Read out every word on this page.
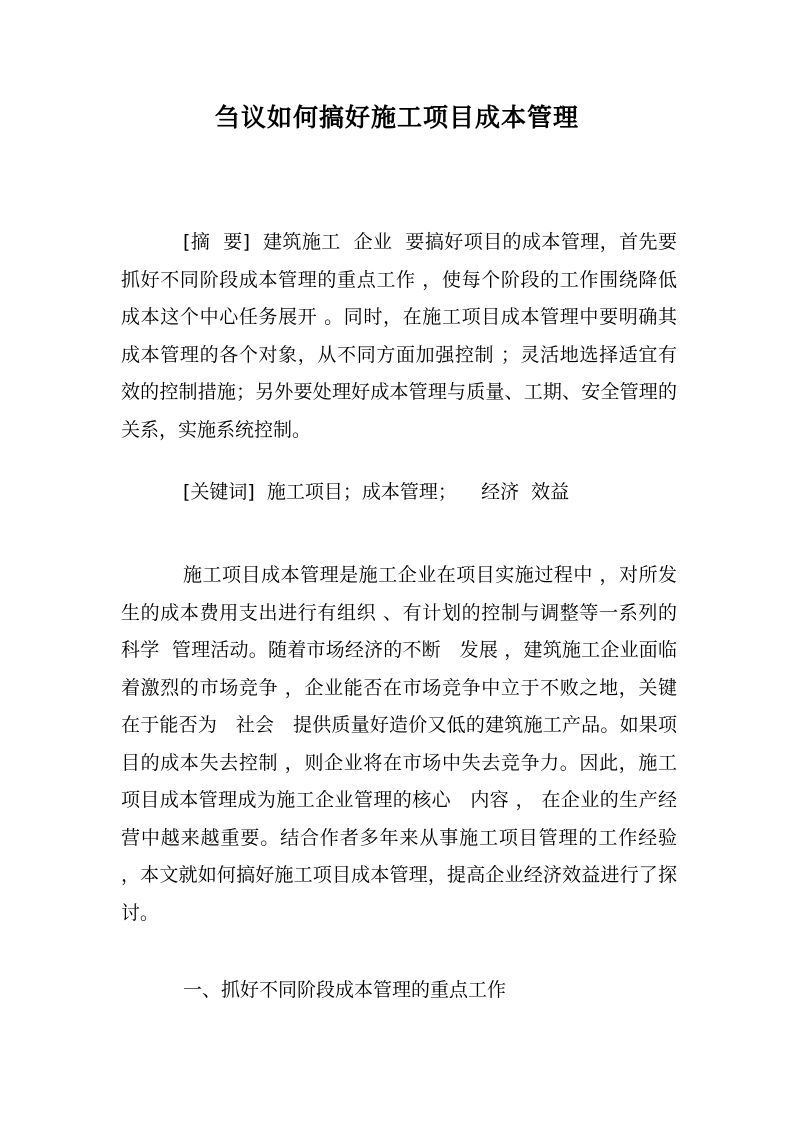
刍议如何搞好施工项目成本管理

[摘  要]  建筑施工  企业  要搞好项目的成本管理，首先要抓好不同阶段成本管理的重点工作 ，使每个阶段的工作围绕降低成本这个中心任务展开 。同时，在施工项目成本管理中要明确其成本管理的各个对象，从不同方面加强控制 ；灵活地选择适宜有效的控制措施；另外要处理好成本管理与质量、工期、安全管理的关系，实施系统控制。

[关键词]  施工项目；成本管理；    经济  效益

施工项目成本管理是施工企业在项目实施过程中 ，对所发生的成本费用支出进行有组织 、有计划的控制与调整等一系列的  科学  管理活动。随着市场经济的不断   发展 ，建筑施工企业面临着激烈的市场竞争 ，企业能否在市场竞争中立于不败之地，关键在于能否为   社会   提供质量好造价又低的建筑施工产品。如果项目的成本失去控制 ，则企业将在市场中失去竞争力。因此，施工项目成本管理成为施工企业管理的核心   内容 ， 在企业的生产经营中越来越重要。结合作者多年来从事施工项目管理的工作经验 ，本文就如何搞好施工项目成本管理，提高企业经济效益进行了探讨。

一、抓好不同阶段成本管理的重点工作
